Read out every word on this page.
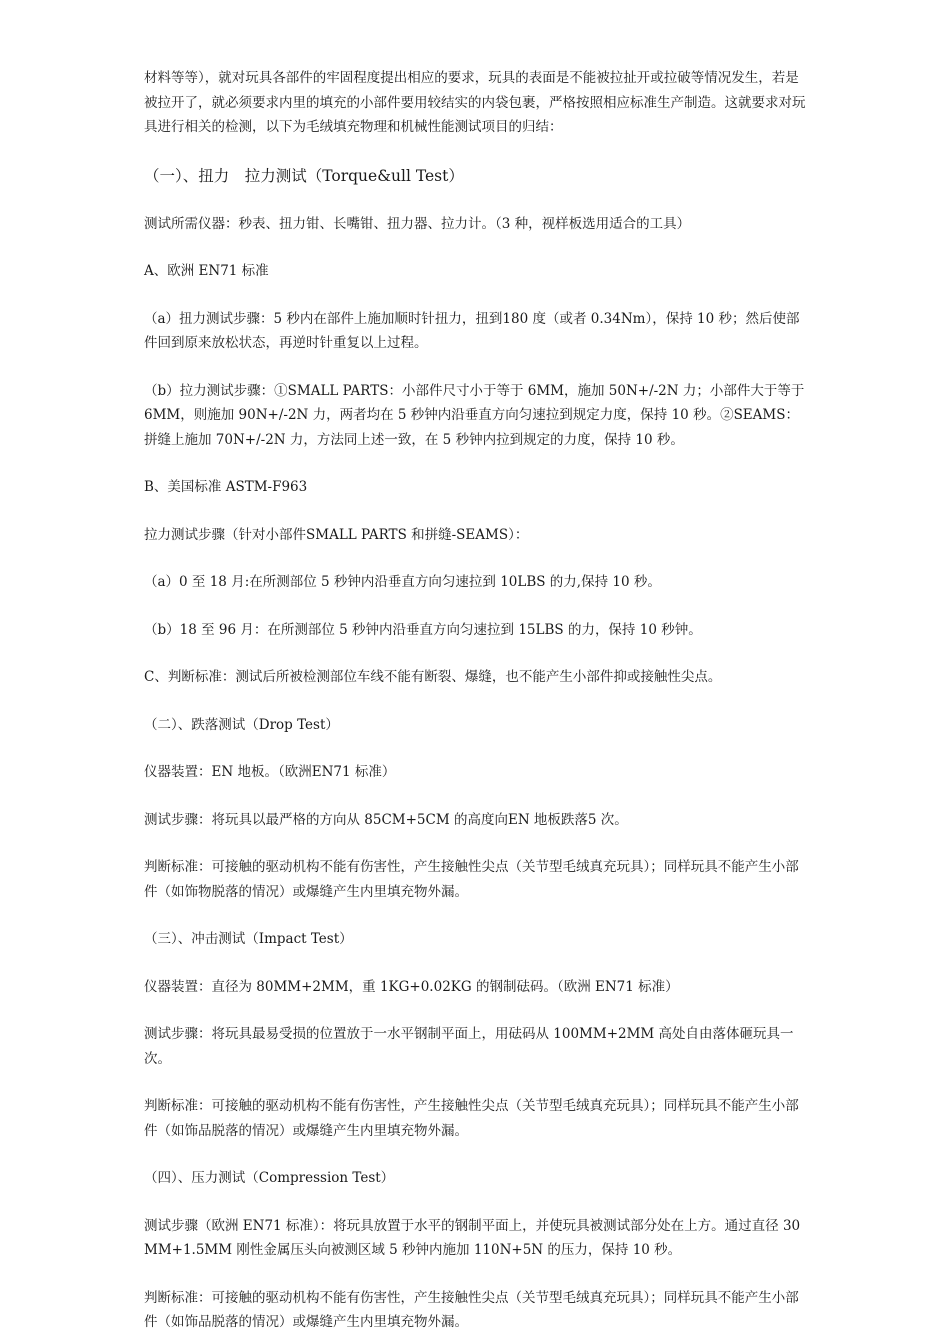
材料等等），就对玩具各部件的牢固程度提出相应的要求，玩具的表面是不能被拉扯开或拉破等情况发生，若是被拉开了，就必须要求内里的填充的小部件要用较结实的内袋包裹，严格按照相应标准生产制造。这就要求对玩具进行相关的检测，以下为毛绒填充物理和机械性能测试项目的归结：

（一）、扭力　拉力测试（Torque&ull Test）

测试所需仪器：秒表、扭力钳、长嘴钳、扭力器、拉力计。（3 种，视样板选用适合的工具）

A、欧洲 EN71 标准

（a）扭力测试步骤：5 秒内在部件上施加顺时针扭力，扭到180 度（或者 0.34Nm），保持 10 秒；然后使部件回到原来放松状态，再逆时针重复以上过程。

（b）拉力测试步骤：①SMALL PARTS：小部件尺寸小于等于 6MM，施加 50N+/-2N 力；小部件大于等于 6MM，则施加 90N+/-2N 力，两者均在 5 秒钟内沿垂直方向匀速拉到规定力度，保持 10 秒。②SEAMS：拼缝上施加 70N+/-2N 力，方法同上述一致，在 5 秒钟内拉到规定的力度，保持 10 秒。

B、美国标准 ASTM-F963

拉力测试步骤（针对小部件SMALL PARTS 和拼缝-SEAMS）：

（a）0 至 18 月:在所测部位 5 秒钟内沿垂直方向匀速拉到 10LBS 的力,保持 10 秒。

（b）18 至 96 月：在所测部位 5 秒钟内沿垂直方向匀速拉到 15LBS 的力，保持 10 秒钟。

C、判断标准：测试后所被检测部位车线不能有断裂、爆缝，也不能产生小部件抑或接触性尖点。

（二）、跌落测试（Drop Test）

仪器装置：EN 地板。（欧洲EN71 标准）

测试步骤：将玩具以最严格的方向从 85CM+5CM 的高度向EN 地板跌落5 次。

判断标准：可接触的驱动机构不能有伤害性，产生接触性尖点（关节型毛绒真充玩具）；同样玩具不能产生小部件（如饰物脱落的情况）或爆缝产生内里填充物外漏。

（三）、冲击测试（Impact Test）

仪器装置：直径为 80MM+2MM，重 1KG+0.02KG 的钢制砝码。（欧洲 EN71 标准）

测试步骤：将玩具最易受损的位置放于一水平钢制平面上，用砝码从 100MM+2MM 高处自由落体砸玩具一次。

判断标准：可接触的驱动机构不能有伤害性，产生接触性尖点（关节型毛绒真充玩具）；同样玩具不能产生小部件（如饰品脱落的情况）或爆缝产生内里填充物外漏。

（四）、压力测试（Compression Test）

测试步骤（欧洲 EN71 标准）：将玩具放置于水平的钢制平面上，并使玩具被测试部分处在上方。通过直径 30MM+1.5MM 刚性金属压头向被测区域 5 秒钟内施加 110N+5N 的压力，保持 10 秒。

判断标准：可接触的驱动机构不能有伤害性，产生接触性尖点（关节型毛绒真充玩具）；同样玩具不能产生小部件（如饰品脱落的情况）或爆缝产生内里填充物外漏。
